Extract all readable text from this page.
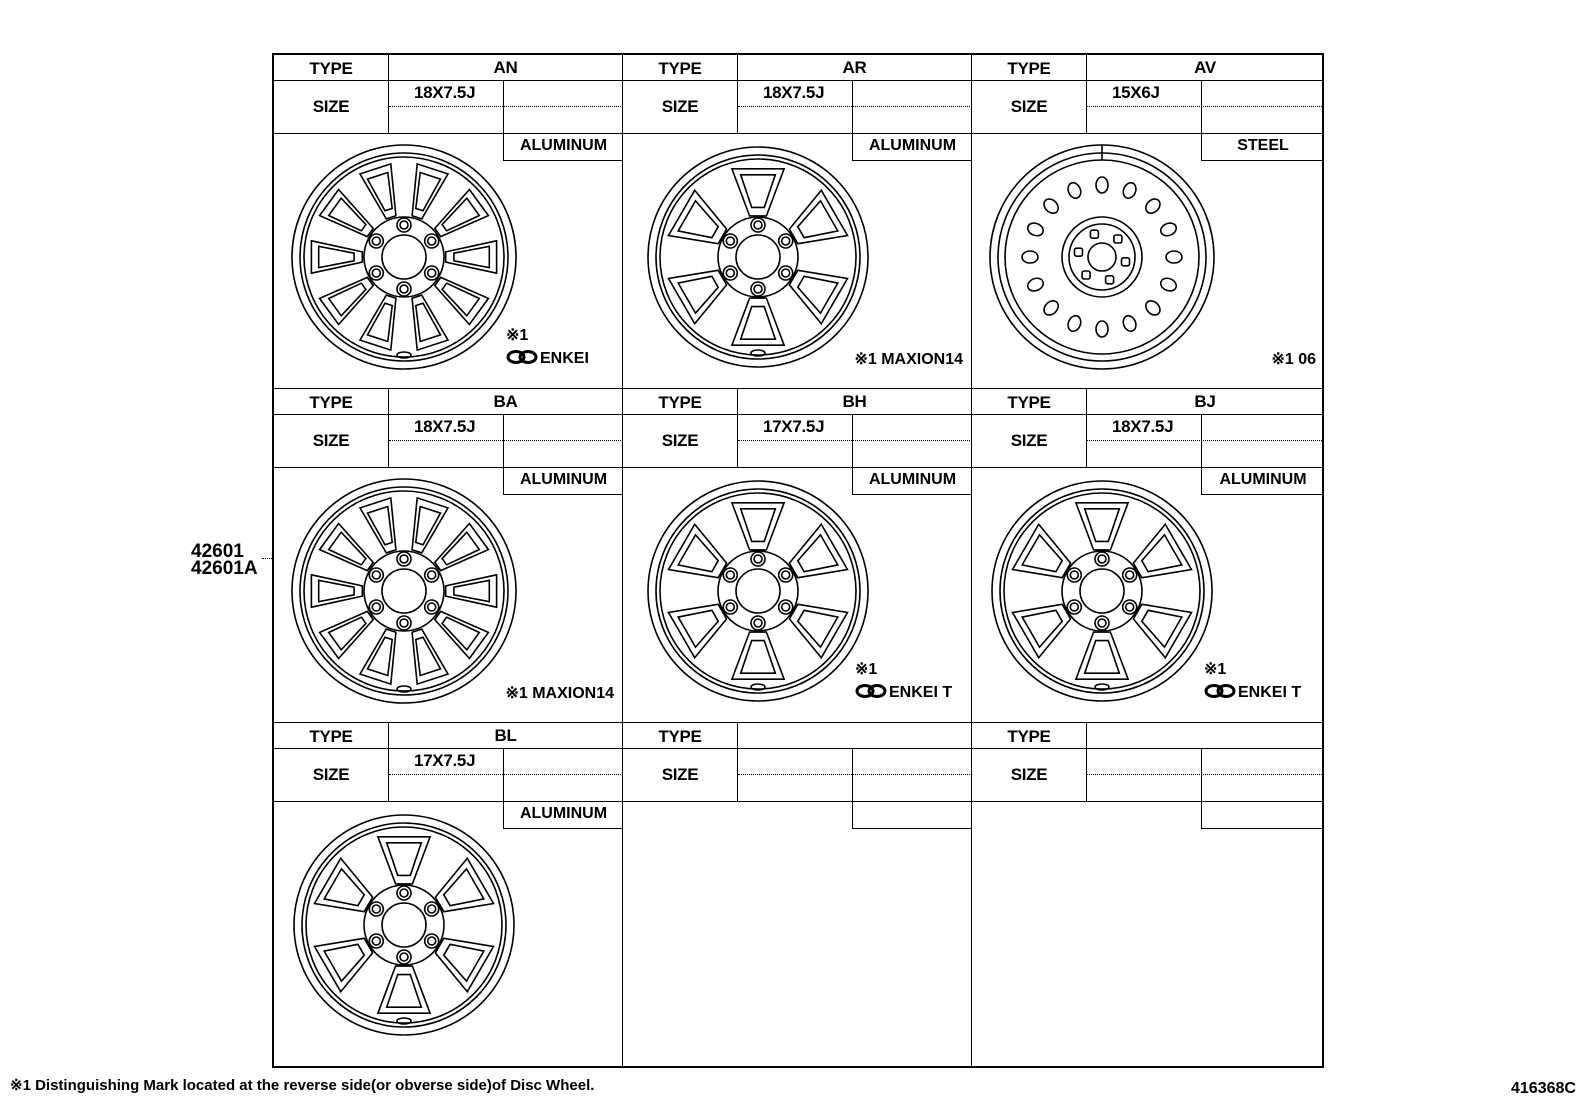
42601
42601A
TYPE
SIZE
AN
18X7.5J
ALUMINUM
※1
ENKEI
TYPE
SIZE
AR
18X7.5J
ALUMINUM
※1 MAXION14
TYPE
SIZE
AV
15X6J
STEEL
※1 06
TYPE
SIZE
BA
18X7.5J
ALUMINUM
※1 MAXION14
TYPE
SIZE
BH
17X7.5J
ALUMINUM
※1
ENKEI T
TYPE
SIZE
BJ
18X7.5J
ALUMINUM
※1
ENKEI T
TYPE
SIZE
BL
17X7.5J
ALUMINUM
TYPE
SIZE
TYPE
SIZE
※1 Distinguishing Mark located at the reverse side(or obverse side)of Disc Wheel.	416368C
